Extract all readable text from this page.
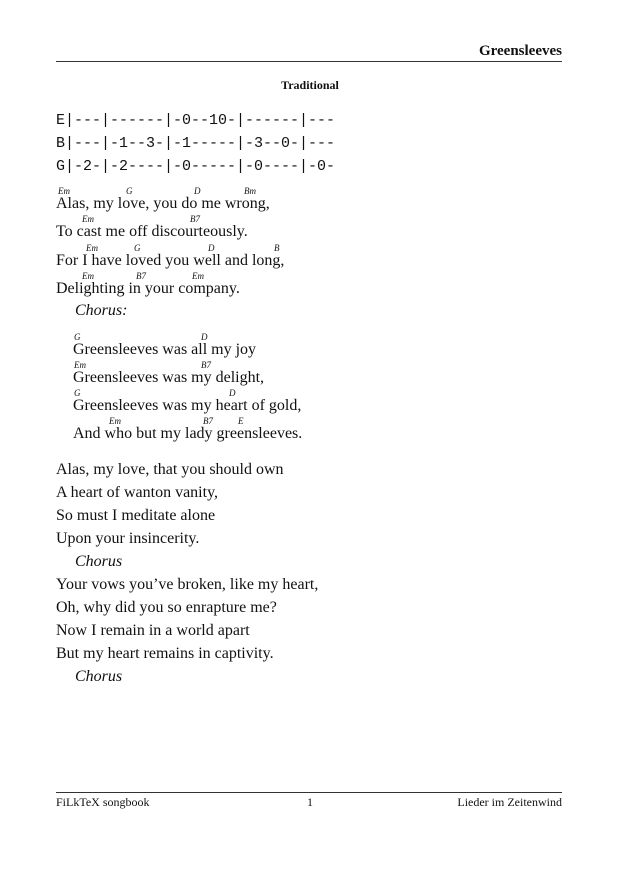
Greensleeves
Traditional
E|---|------|-0--10-|------|---
B|---|-1--3-|-1-----|-3--0-|---
G|-2-|-2----|-0-----|-0----|-0-

Em

	G

	D

	Bm

Alas, my love, you do me wrong,

Em

	B7

To cast me off discourteously.

Em

	G

	D

	B

For I have loved you well and long,

Em

	B7

	Em

Delighting in your company.

Chorus:

G

	D

Greensleeves was all my joy

Em

	B7

Greensleeves was my delight,

G

	D

Greensleeves was my heart of gold,

Em

	B7

	E

And who but my lady greensleeves.

Alas, my love, that you should own
A heart of wanton vanity,
So must I meditate alone
Upon your insincerity.
Chorus
Your vows you’ve broken, like my heart,
Oh, why did you so enrapture me?
Now I remain in a world apart
But my heart remains in captivity.
Chorus
FiLkTeX songbook	1	Lieder im Zeitenwind
